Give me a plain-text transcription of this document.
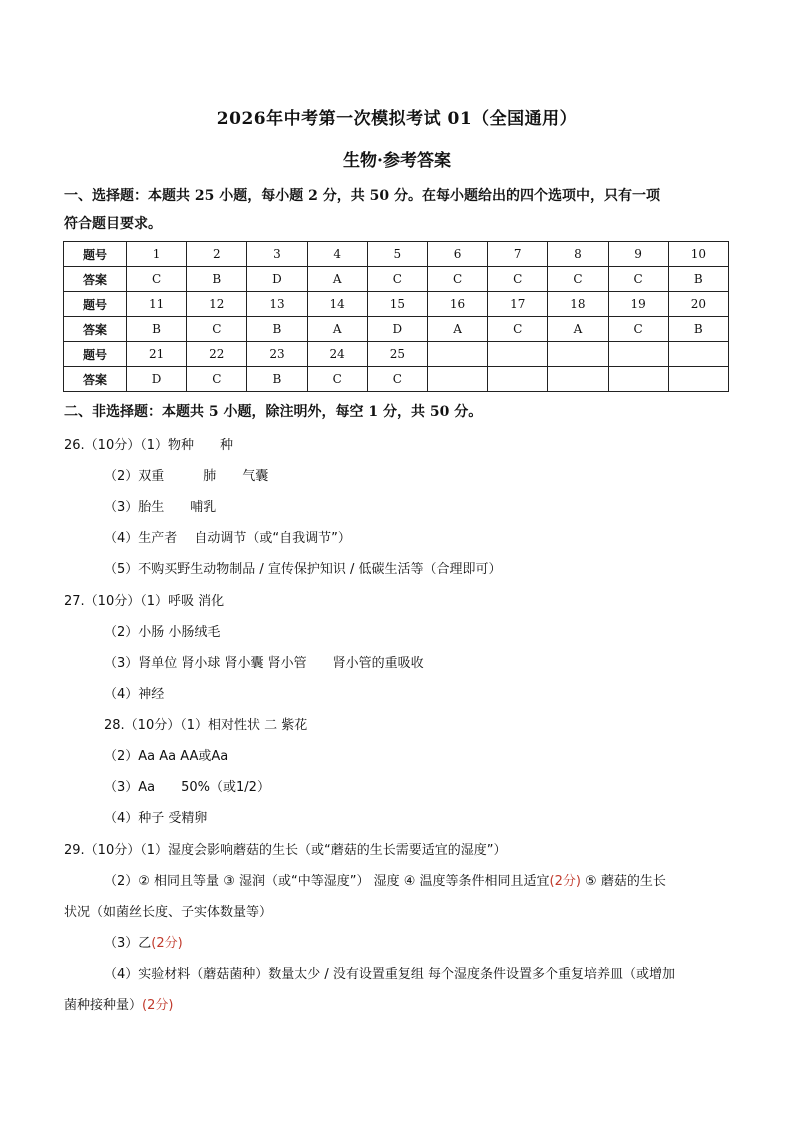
2026年中考第一次模拟考试 01（全国通用）
生物·参考答案
一、选择题：本题共 25 小题，每小题 2 分，共 50 分。在每小题给出的四个选项中，只有一项
符合题目要求。
题号	1	2	3	4	5	6	7	8	9	10
答案	C	B	D	A	C	C	C	C	C	B
题号	11	12	13	14	15	16	17	18	19	20
答案	B	C	B	A	D	A	C	A	C	B
题号	21	22	23	24	25					
答案	D	C	B	C	C					
二、非选择题：本题共 5 小题，除注明外，每空 1 分，共 50 分。
26.（10分）（1）物种　　种
（2）双重　　　肺　　气囊
（3）胎生　　哺乳
（4）生产者　 自动调节（或“自我调节”）
（5）不购买野生动物制品 / 宣传保护知识 / 低碳生活等（合理即可）
27.（10分）（1）呼吸 消化
（2）小肠 小肠绒毛
（3）肾单位 肾小球 肾小囊 肾小管　　肾小管的重吸收
（4）神经
28.（10分）（1）相对性状 二 紫花
（2）Aa Aa AA或Aa
（3）Aa　　50%（或1/2）
（4）种子 受精卵
29.（10分）（1）湿度会影响蘑菇的生长（或“蘑菇的生长需要适宜的湿度”）
（2）② 相同且等量 ③ 湿润（或“中等湿度”） 湿度 ④ 温度等条件相同且适宜(2分) ⑤ 蘑菇的生长
状况（如菌丝长度、子实体数量等）
（3）乙(2分)
（4）实验材料（蘑菇菌种）数量太少 / 没有设置重复组 每个湿度条件设置多个重复培养皿（或增加
菌种接种量）(2分)
